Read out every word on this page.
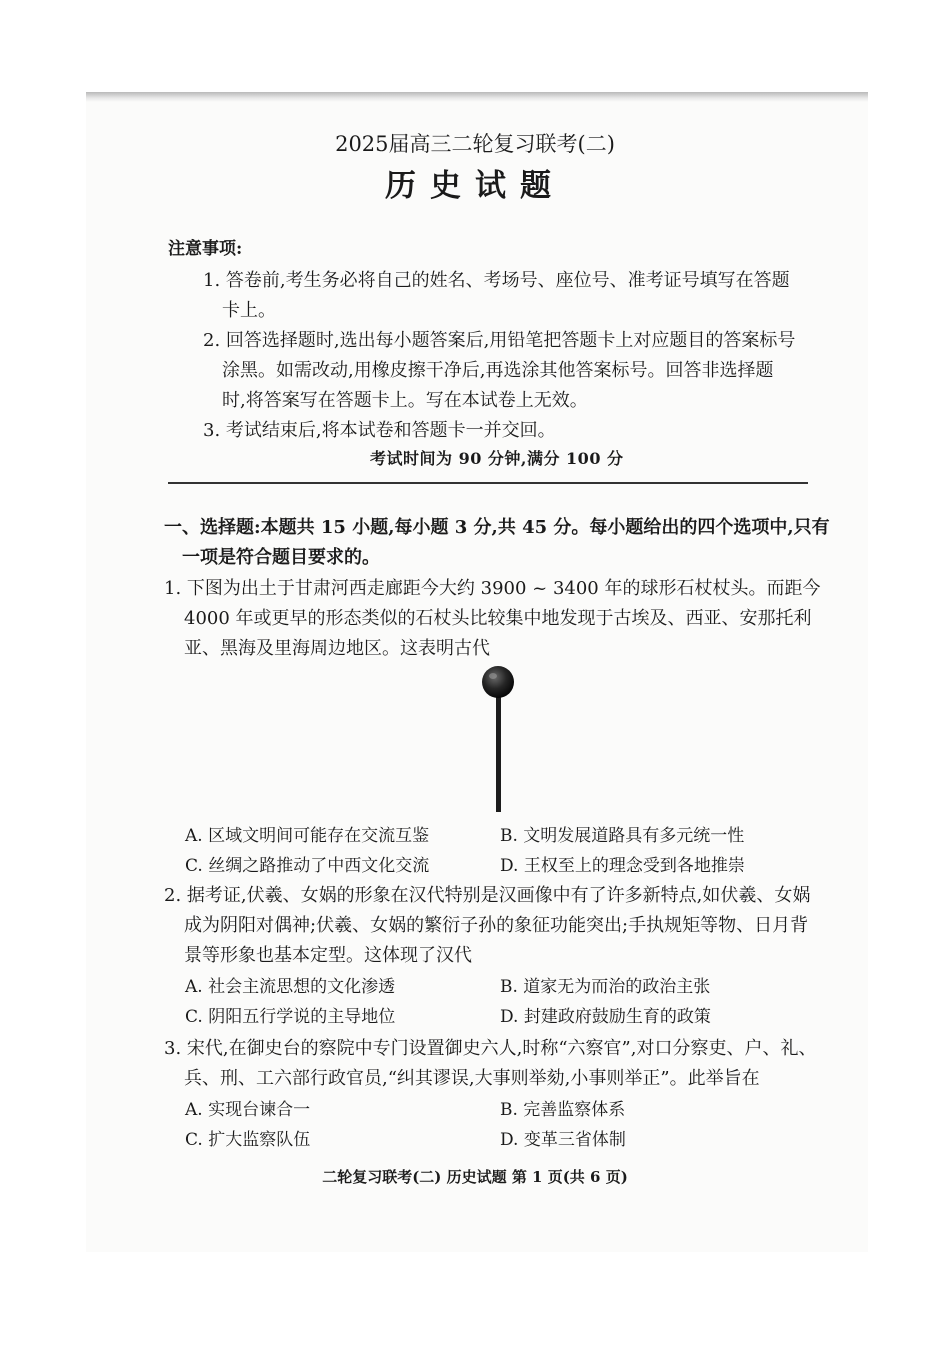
2025届高三二轮复习联考(二)
历史试题
注意事项:
1. 答卷前,考生务必将自己的姓名、考场号、座位号、准考证号填写在答题
卡上。
2. 回答选择题时,选出每小题答案后,用铅笔把答题卡上对应题目的答案标号
涂黑。如需改动,用橡皮擦干净后,再选涂其他答案标号。回答非选择题
时,将答案写在答题卡上。写在本试卷上无效。
3. 考试结束后,将本试卷和答题卡一并交回。
考试时间为 90 分钟,满分 100 分
一、选择题:本题共 15 小题,每小题 3 分,共 45 分。每小题给出的四个选项中,只有
一项是符合题目要求的。
1. 下图为出土于甘肃河西走廊距今大约 3900 ~ 3400 年的球形石杖杖头。而距今
4000 年或更早的形态类似的石杖头比较集中地发现于古埃及、西亚、安那托利
亚、黑海及里海周边地区。这表明古代
A. 区域文明间可能存在交流互鉴	B. 文明发展道路具有多元统一性
C. 丝绸之路推动了中西文化交流	D. 王权至上的理念受到各地推崇
2. 据考证,伏羲、女娲的形象在汉代特别是汉画像中有了许多新特点,如伏羲、女娲
成为阴阳对偶神;伏羲、女娲的繁衍子孙的象征功能突出;手执规矩等物、日月背
景等形象也基本定型。这体现了汉代
A. 社会主流思想的文化渗透	B. 道家无为而治的政治主张
C. 阴阳五行学说的主导地位	D. 封建政府鼓励生育的政策
3. 宋代,在御史台的察院中专门设置御史六人,时称“六察官”,对口分察吏、户、礼、
兵、刑、工六部行政官员,“纠其谬误,大事则举劾,小事则举正”。此举旨在
A. 实现台谏合一	B. 完善监察体系
C. 扩大监察队伍	D. 变革三省体制
二轮复习联考(二) 历史试题 第 1 页(共 6 页)
